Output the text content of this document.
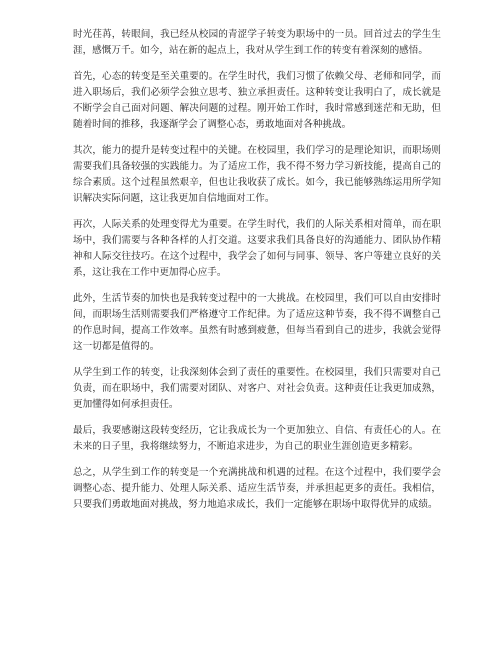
时光荏苒，转眼间，我已经从校园的青涩学子转变为职场中的一员。回首过去的学生生涯，感慨万千。如今，站在新的起点上，我对从学生到工作的转变有着深刻的感悟。

首先，心态的转变是至关重要的。在学生时代，我们习惯了依赖父母、老师和同学，而进入职场后，我们必须学会独立思考、独立承担责任。这种转变让我明白了，成长就是不断学会自己面对问题、解决问题的过程。刚开始工作时，我时常感到迷茫和无助，但随着时间的推移，我逐渐学会了调整心态，勇敢地面对各种挑战。

其次，能力的提升是转变过程中的关键。在校园里，我们学习的是理论知识，而职场则需要我们具备较强的实践能力。为了适应工作，我不得不努力学习新技能，提高自己的综合素质。这个过程虽然艰辛，但也让我收获了成长。如今，我已能够熟练运用所学知识解决实际问题，这让我更加自信地面对工作。

再次，人际关系的处理变得尤为重要。在学生时代，我们的人际关系相对简单，而在职场中，我们需要与各种各样的人打交道。这要求我们具备良好的沟通能力、团队协作精神和人际交往技巧。在这个过程中，我学会了如何与同事、领导、客户等建立良好的关系，这让我在工作中更加得心应手。

此外，生活节奏的加快也是我转变过程中的一大挑战。在校园里，我们可以自由安排时间，而职场生活则需要我们严格遵守工作纪律。为了适应这种节奏，我不得不调整自己的作息时间，提高工作效率。虽然有时感到疲惫，但每当看到自己的进步，我就会觉得这一切都是值得的。

从学生到工作的转变，让我深刻体会到了责任的重要性。在校园里，我们只需要对自己负责，而在职场中，我们需要对团队、对客户、对社会负责。这种责任让我更加成熟，更加懂得如何承担责任。

最后，我要感谢这段转变经历，它让我成长为一个更加独立、自信、有责任心的人。在未来的日子里，我将继续努力，不断追求进步，为自己的职业生涯创造更多精彩。

总之，从学生到工作的转变是一个充满挑战和机遇的过程。在这个过程中，我们要学会调整心态、提升能力、处理人际关系、适应生活节奏，并承担起更多的责任。我相信，只要我们勇敢地面对挑战，努力地追求成长，我们一定能够在职场中取得优异的成绩。
